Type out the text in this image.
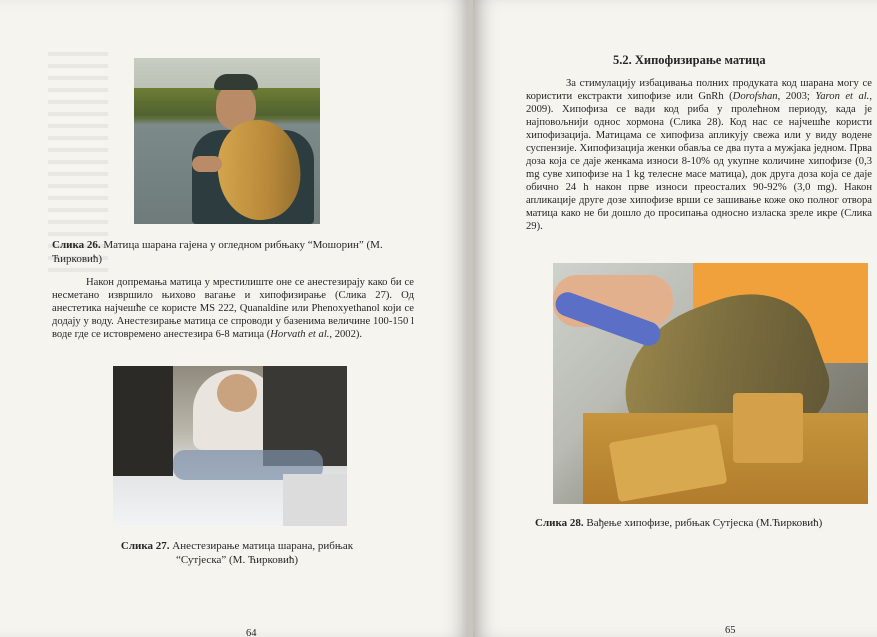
Слика 26. Матица шарана гајена у огледном рибњаку “Мошорин” (М. Ћирковић)

Након допремања матица у мрестилиште оне се анестезирају како би се несметано извршило њихово вагање и хипофизирање (Слика 27). Од анестетика најчешће се користе MS 222, Quanaldine или Phenoxyethanol који се додају у воду. Анестезирање матица се спроводи у базенима величине 100-150 l воде где се истовремено анестезира 6-8 матица (Horvath et al., 2002).

Слика 27. Анестезирање матица шарана, рибњак “Сутјеска” (М. Ћирковић)
64
5.2. Хипофизирање матица

За стимулацију избацивања полних продуката код шарана могу се користити екстракти хипофизе или GnRh (Dorofshan, 2003; Yaron et al., 2009). Хипофиза се вади код риба у пролећном периоду, када је најповољнији однос хормона (Слика 28). Код нас се најчешће користи хипофизација. Матицама се хипофиза апликују свежа или у виду водене суспензије. Хипофизација женки обавља се два пута а мужјака једном. Прва доза која се даје женкама износи 8-10% од укупне количине хипофизе (0,3 mg суве хипофизе на 1 kg телесне масе матица), док друга доза која се даје обично 24 h након прве износи преосталих 90-92% (3,0 mg). Након апликације друге дозе хипофизе врши се зашивање коже око полног отвора матица како не би дошло до просипања односно изласка зреле икре (Слика 29).

Слика 28. Вађење хипофизе, рибњак Сутјеска (М.Ћирковић)
65
